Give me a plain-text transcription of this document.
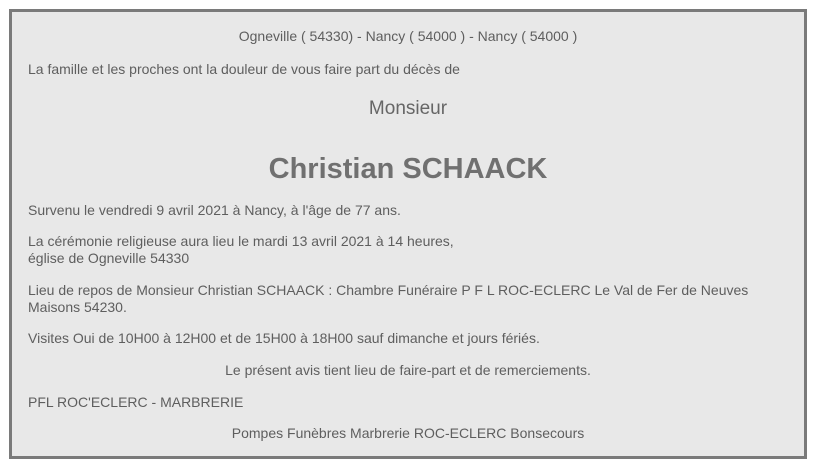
Ogneville ( 54330) - Nancy ( 54000 ) - Nancy ( 54000 )
La famille et les proches ont la douleur de vous faire part du décès de
Monsieur
Christian SCHAACK
Survenu le vendredi 9 avril 2021 à Nancy, à l'âge de 77 ans.
La cérémonie religieuse aura lieu le mardi 13 avril 2021 à 14 heures,
église de Ogneville 54330
Lieu de repos de Monsieur Christian SCHAACK : Chambre Funéraire P F L ROC-ECLERC Le Val de Fer de Neuves Maisons 54230.
Visites Oui de 10H00 à 12H00 et de 15H00 à 18H00 sauf dimanche et jours fériés.
Le présent avis tient lieu de faire-part et de remerciements.
PFL ROC'ECLERC - MARBRERIE
Pompes Funèbres Marbrerie ROC-ECLERC Bonsecours
